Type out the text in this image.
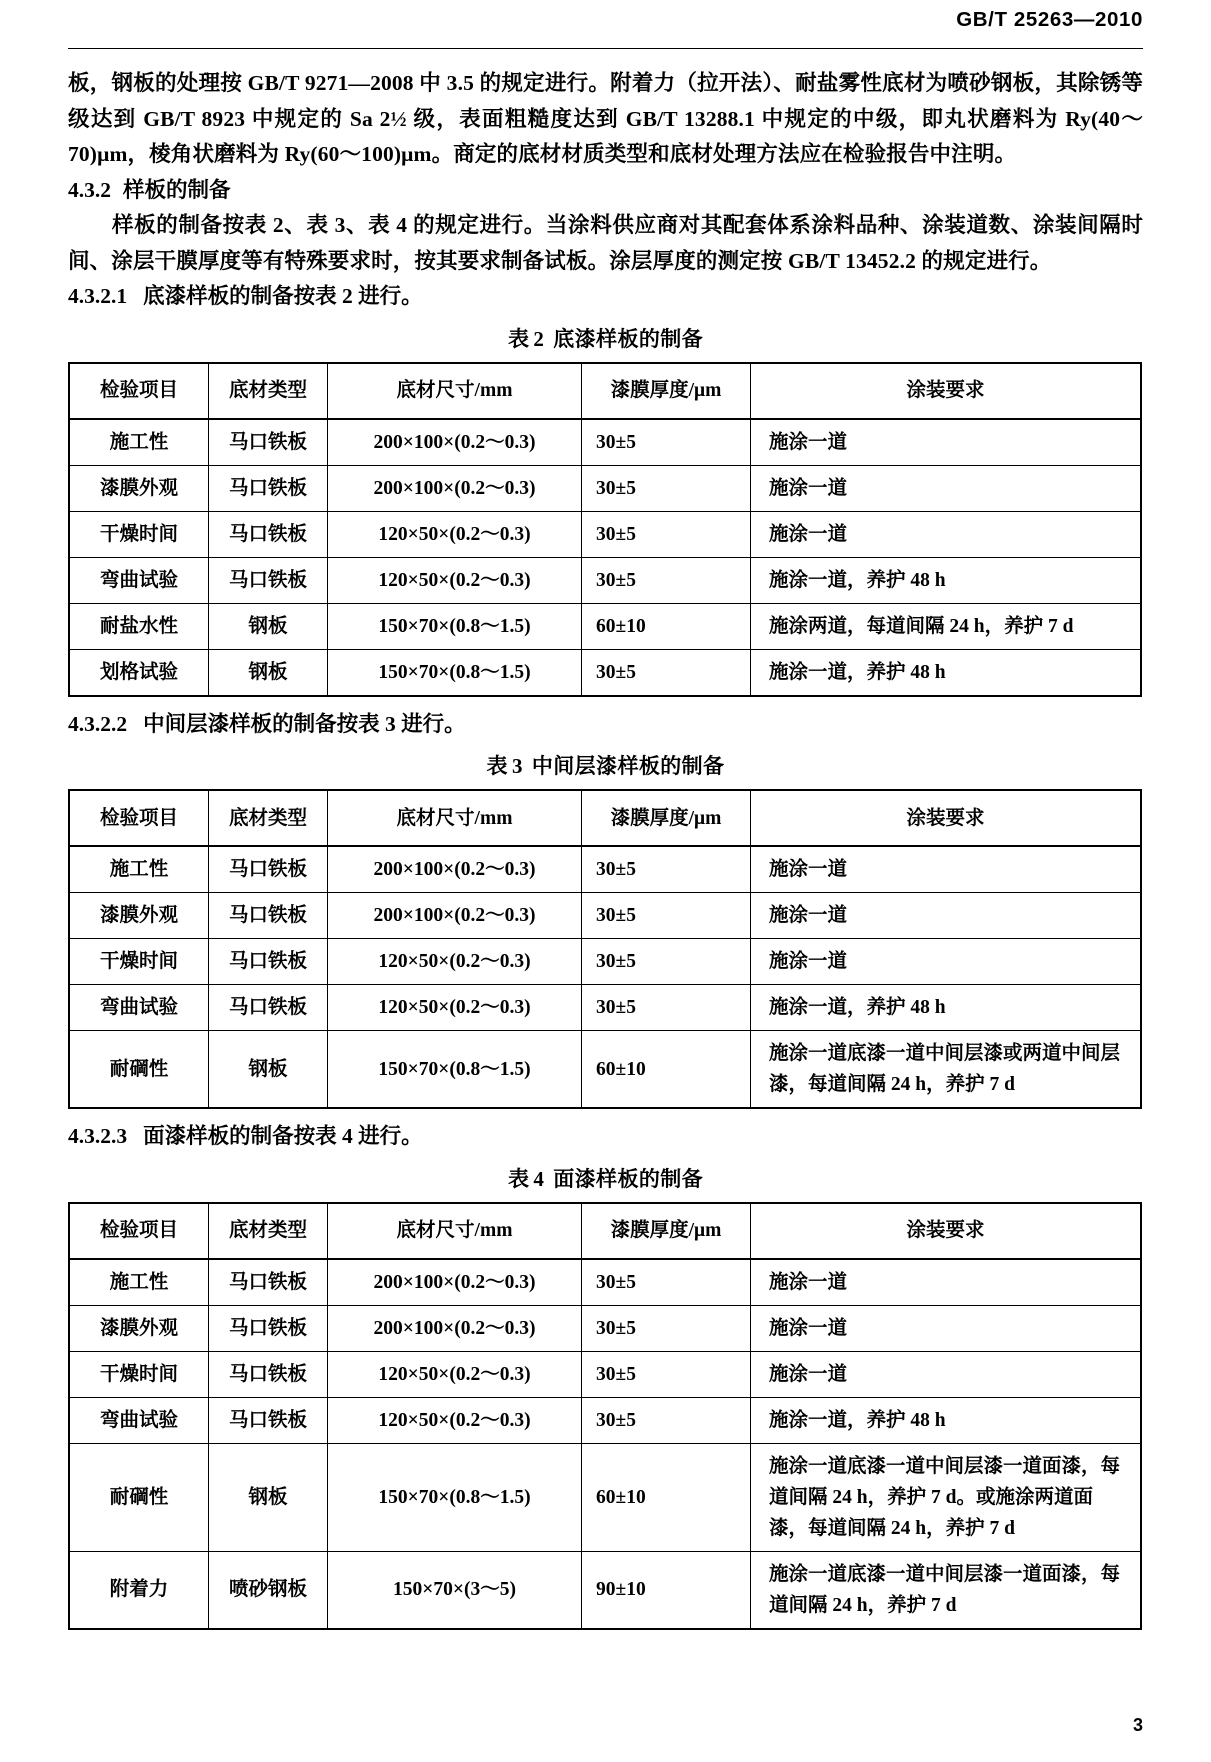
GB/T 25263—2010

板，钢板的处理按 GB/T 9271—2008 中 3.5 的规定进行。附着力（拉开法）、耐盐雾性底材为喷砂钢板，其除锈等级达到 GB/T 8923 中规定的 Sa 2½ 级，表面粗糙度达到 GB/T 13288.1 中规定的中级，即丸状磨料为 Ry(40～70)μm，棱角状磨料为 Ry(60～100)μm。商定的底材材质类型和底材处理方法应在检验报告中注明。

4.3.2 样板的制备

样板的制备按表 2、表 3、表 4 的规定进行。当涂料供应商对其配套体系涂料品种、涂装道数、涂装间隔时间、涂层干膜厚度等有特殊要求时，按其要求制备试板。涂层厚度的测定按 GB/T 13452.2 的规定进行。

4.3.2.1 底漆样板的制备按表 2 进行。

表 2 底漆样板的制备
检验项目	底材类型	底材尺寸/mm	漆膜厚度/μm	涂装要求
施工性	马口铁板	200×100×(0.2～0.3)	30±5	施涂一道
漆膜外观	马口铁板	200×100×(0.2～0.3)	30±5	施涂一道
干燥时间	马口铁板	120×50×(0.2～0.3)	30±5	施涂一道
弯曲试验	马口铁板	120×50×(0.2～0.3)	30±5	施涂一道，养护 48 h
耐盐水性	钢板	150×70×(0.8～1.5)	60±10	施涂两道，每道间隔 24 h，养护 7 d
划格试验	钢板	150×70×(0.8～1.5)	30±5	施涂一道，养护 48 h

4.3.2.2 中间层漆样板的制备按表 3 进行。

表 3 中间层漆样板的制备
检验项目	底材类型	底材尺寸/mm	漆膜厚度/μm	涂装要求
施工性	马口铁板	200×100×(0.2～0.3)	30±5	施涂一道
漆膜外观	马口铁板	200×100×(0.2～0.3)	30±5	施涂一道
干燥时间	马口铁板	120×50×(0.2～0.3)	30±5	施涂一道
弯曲试验	马口铁板	120×50×(0.2～0.3)	30±5	施涂一道，养护 48 h
耐碙性	钢板	150×70×(0.8～1.5)	60±10	施涂一道底漆一道中间层漆或两道中间层漆，每道间隔 24 h，养护 7 d

4.3.2.3 面漆样板的制备按表 4 进行。

表 4 面漆样板的制备
检验项目	底材类型	底材尺寸/mm	漆膜厚度/μm	涂装要求
施工性	马口铁板	200×100×(0.2～0.3)	30±5	施涂一道
漆膜外观	马口铁板	200×100×(0.2～0.3)	30±5	施涂一道
干燥时间	马口铁板	120×50×(0.2～0.3)	30±5	施涂一道
弯曲试验	马口铁板	120×50×(0.2～0.3)	30±5	施涂一道，养护 48 h
耐碙性	钢板	150×70×(0.8～1.5)	60±10	施涂一道底漆一道中间层漆一道面漆，每道间隔 24 h，养护 7 d。或施涂两道面漆，每道间隔 24 h，养护 7 d
附着力	喷砂钢板	150×70×(3～5)	90±10	施涂一道底漆一道中间层漆一道面漆，每道间隔 24 h，养护 7 d
3
